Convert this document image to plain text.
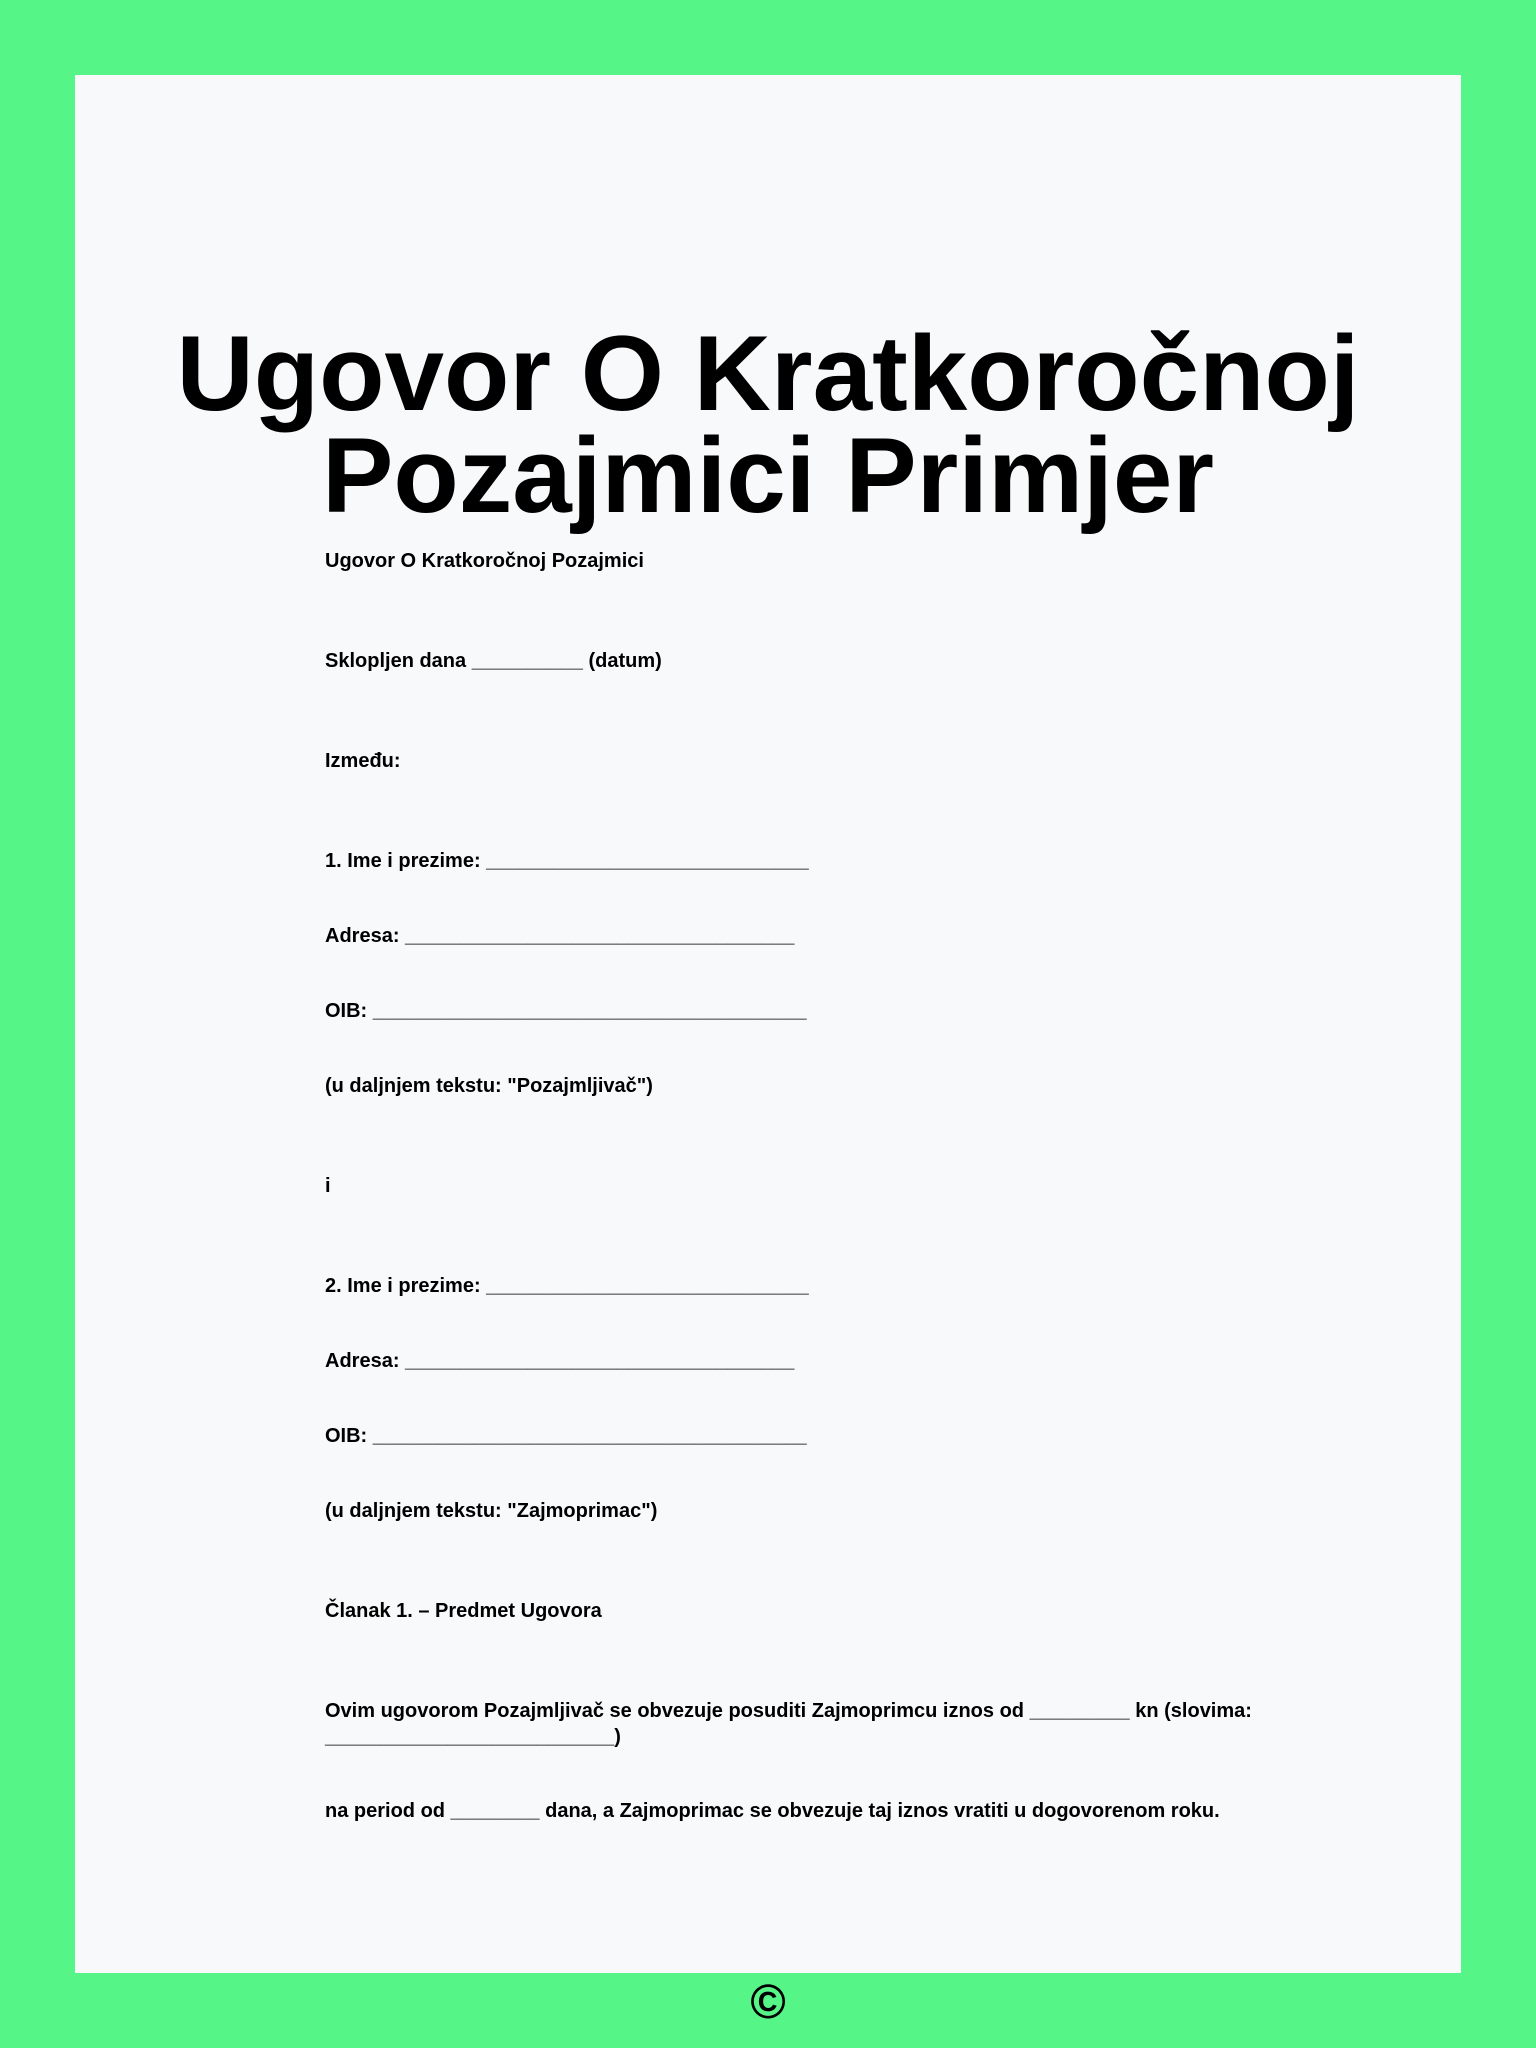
Ugovor O Kratkoročnoj
Pozajmici Primjer
Ugovor O Kratkoročnoj Pozajmici
Sklopljen dana __________ (datum)
Između:
1. Ime i prezime: _____________________________
Adresa: ___________________________________
OIB: _______________________________________
(u daljnjem tekstu: "Pozajmljivač")
i
2. Ime i prezime: _____________________________
Adresa: ___________________________________
OIB: _______________________________________
(u daljnjem tekstu: "Zajmoprimac")
Članak 1. – Predmet Ugovora
Ovim ugovorom Pozajmljivač se obvezuje posuditi Zajmoprimcu iznos od _________ kn (slovima:
__________________________)
na period od ________ dana, a Zajmoprimac se obvezuje taj iznos vratiti u dogovorenom roku.
©
